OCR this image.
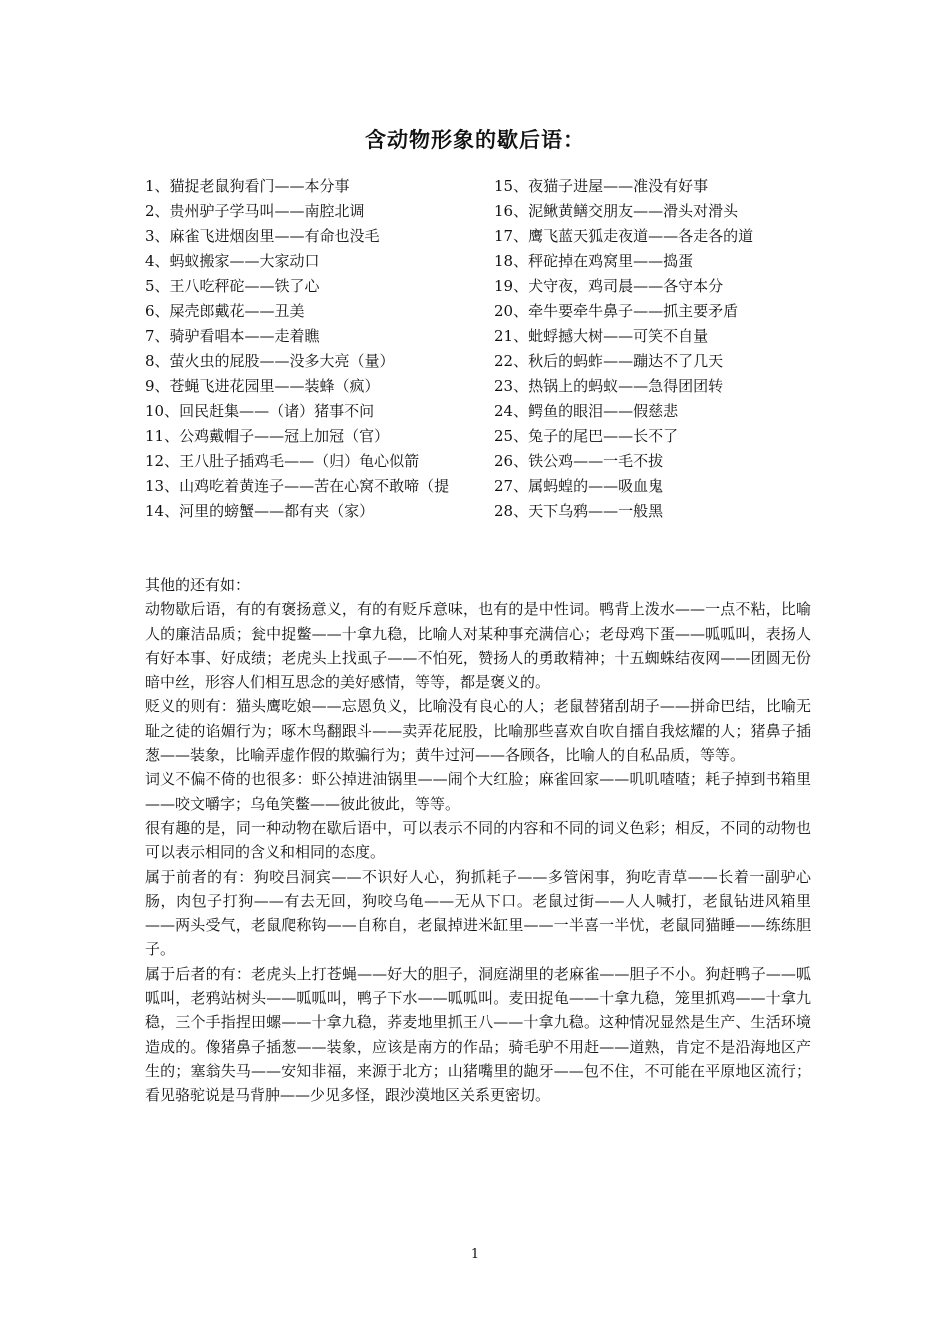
含动物形象的歇后语：
1、猫捉老鼠狗看门——本分事
2、贵州驴子学马叫——南腔北调
3、麻雀飞进烟囱里——有命也没毛
4、蚂蚁搬家——大家动口
5、王八吃秤砣——铁了心
6、屎壳郎戴花——丑美
7、骑驴看唱本——走着瞧
8、萤火虫的屁股——没多大亮（量）
9、苍蝇飞进花园里——装蜂（疯）
10、回民赶集——（诸）猪事不问
11、公鸡戴帽子——冠上加冠（官）
12、王八肚子插鸡毛——（归）龟心似箭
13、山鸡吃着黄连子——苦在心窝不敢啼（提
14、河里的螃蟹——都有夹（家）
15、夜猫子进屋——准没有好事
16、泥鳅黄鳝交朋友——滑头对滑头
17、鹰飞蓝天狐走夜道——各走各的道
18、秤砣掉在鸡窝里——捣蛋
19、犬守夜，鸡司晨——各守本分
20、牵牛要牵牛鼻子——抓主要矛盾
21、蚍蜉撼大树——可笑不自量
22、秋后的蚂蚱——蹦达不了几天
23、热锅上的蚂蚁——急得团团转
24、鳄鱼的眼泪——假慈悲
25、兔子的尾巴——长不了
26、铁公鸡——一毛不拔
27、属蚂蝗的——吸血鬼
28、天下乌鸦——一般黑

其他的还有如：

动物歇后语，有的有褒扬意义，有的有贬斥意味，也有的是中性词。鸭背上泼水——一点不粘，比喻人的廉洁品质；瓮中捉鳖——十拿九稳，比喻人对某种事充满信心；老母鸡下蛋——呱呱叫，表扬人有好本事、好成绩；老虎头上找虱子——不怕死，赞扬人的勇敢精神；十五蜘蛛结夜网——团圆无份暗中丝，形容人们相互思念的美好感情，等等，都是褒义的。

贬义的则有：猫头鹰吃娘——忘恩负义，比喻没有良心的人；老鼠替猪刮胡子——拼命巴结，比喻无耻之徒的谄媚行为；啄木鸟翻跟斗——卖弄花屁股，比喻那些喜欢自吹自擂自我炫耀的人；猪鼻子插葱——装象，比喻弄虚作假的欺骗行为；黄牛过河——各顾各，比喻人的自私品质，等等。

词义不偏不倚的也很多：虾公掉进油锅里——闹个大红脸；麻雀回家——叽叽喳喳；耗子掉到书箱里——咬文嚼字；乌龟笑鳖——彼此彼此，等等。

很有趣的是，同一种动物在歇后语中，可以表示不同的内容和不同的词义色彩；相反，不同的动物也可以表示相同的含义和相同的态度。

属于前者的有：狗咬吕洞宾——不识好人心，狗抓耗子——多管闲事，狗吃青草——长着一副驴心肠，肉包子打狗——有去无回，狗咬乌龟——无从下口。老鼠过街——人人喊打，老鼠钻进风箱里——两头受气，老鼠爬称钩——自称自，老鼠掉进米缸里——一半喜一半忧，老鼠同猫睡——练练胆子。

属于后者的有：老虎头上打苍蝇——好大的胆子，洞庭湖里的老麻雀——胆子不小。狗赶鸭子——呱呱叫，老鸦站树头——呱呱叫，鸭子下水——呱呱叫。麦田捉龟——十拿九稳，笼里抓鸡——十拿九稳，三个手指捏田螺——十拿九稳，荞麦地里抓王八——十拿九稳。这种情况显然是生产、生活环境造成的。像猪鼻子插葱——装象，应该是南方的作品；骑毛驴不用赶——道熟，肯定不是沿海地区产生的；塞翁失马——安知非福，来源于北方；山猪嘴里的龅牙——包不住，不可能在平原地区流行；看见骆驼说是马背肿——少见多怪，跟沙漠地区关系更密切。

1
